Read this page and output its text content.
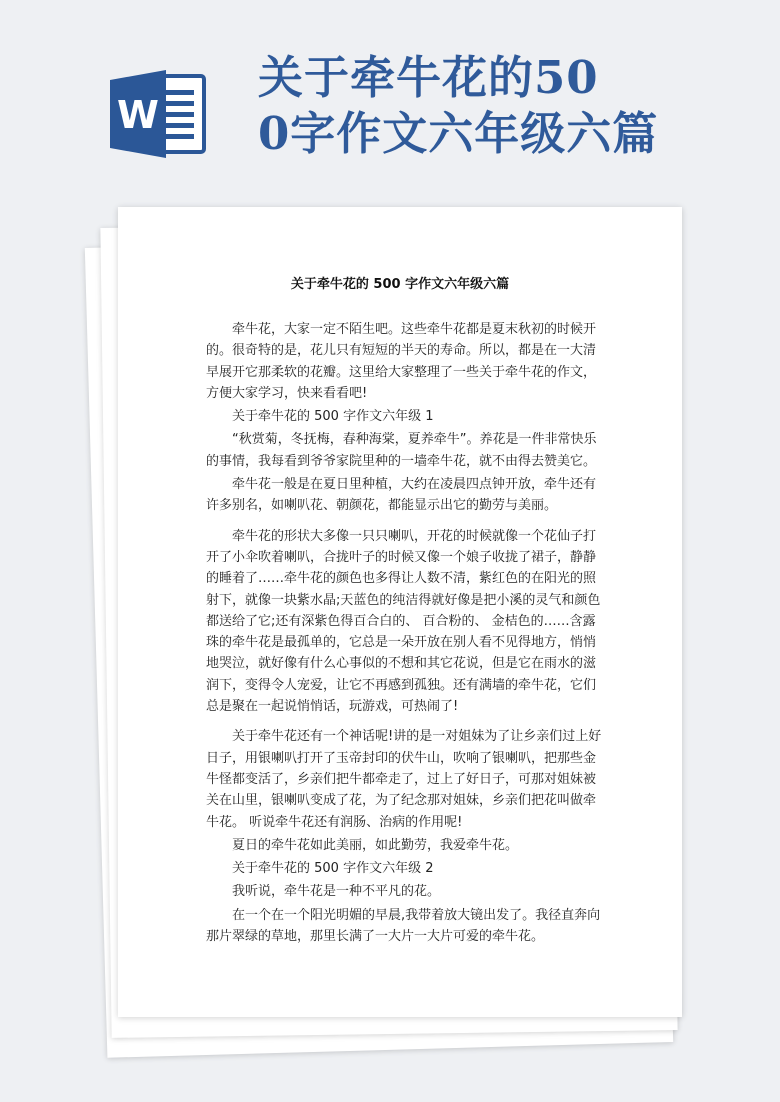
W
关于牵牛花的50
0字作文六年级六篇
关于牵牛花的 500 字作文六年级六篇

牵牛花，大家一定不陌生吧。这些牵牛花都是夏末秋初的时候开的。很奇特的是，花儿只有短短的半天的寿命。所以，都是在一大清早展开它那柔软的花瓣。这里给大家整理了一些关于牵牛花的作文，方便大家学习，快来看看吧!

关于牵牛花的 500 字作文六年级 1

“秋赏菊，冬抚梅，春种海棠，夏养牵牛”。养花是一件非常快乐的事情，我每看到爷爷家院里种的一墙牵牛花，就不由得去赞美它。

牵牛花一般是在夏日里种植，大约在凌晨四点钟开放，牵牛还有许多别名，如喇叭花、朝颜花，都能显示出它的勤劳与美丽。

牵牛花的形状大多像一只只喇叭，开花的时候就像一个花仙子打开了小伞吹着喇叭，合拢叶子的时候又像一个娘子收拢了裙子，静静的睡着了……牵牛花的颜色也多得让人数不清，紫红色的在阳光的照射下，就像一块紫水晶;天蓝色的纯洁得就好像是把小溪的灵气和颜色都送给了它;还有深紫色得百合白的、 百合粉的、 金桔色的……含露珠的牵牛花是最孤单的，它总是一朵开放在别人看不见得地方，悄悄地哭泣，就好像有什么心事似的不想和其它花说，但是它在雨水的滋润下，变得令人宠爱，让它不再感到孤独。还有满墙的牵牛花，它们总是聚在一起说悄悄话，玩游戏，可热闹了!

关于牵牛花还有一个神话呢!讲的是一对姐妹为了让乡亲们过上好日子，用银喇叭打开了玉帝封印的伏牛山，吹响了银喇叭，把那些金牛怪都变活了，乡亲们把牛都牵走了，过上了好日子，可那对姐妹被关在山里，银喇叭变成了花，为了纪念那对姐妹，乡亲们把花叫做牵牛花。 听说牵牛花还有润肠、治病的作用呢!

夏日的牵牛花如此美丽，如此勤劳，我爱牵牛花。

关于牵牛花的 500 字作文六年级 2

我听说，牵牛花是一种不平凡的花。

在一个在一个阳光明媚的早晨,我带着放大镜出发了。我径直奔向那片翠绿的草地，那里长满了一大片一大片可爱的牵牛花。
